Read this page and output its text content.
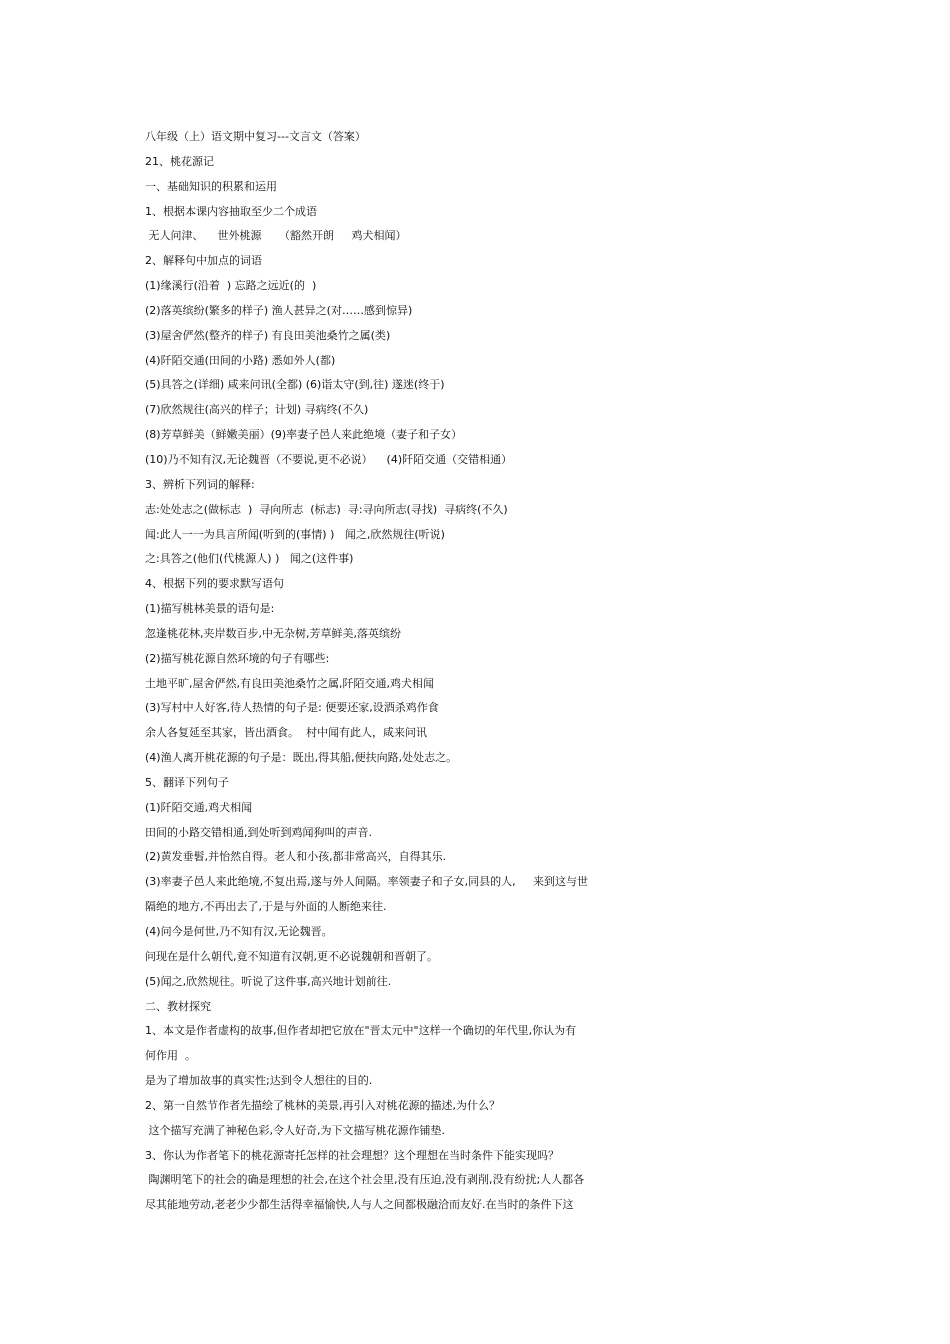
八年级（上）语文期中复习---文言文（答案）
21、桃花源记
一、基础知识的积累和运用
1、根据本课内容抽取至少二个成语
无人问津、    世外桃源     （豁然开朗     鸡犬相闻）
2、解释句中加点的词语
(1)缘溪行(沿着  ) 忘路之远近(的  )
(2)落英缤纷(繁多的样子) 渔人甚异之(对……感到惊异)
(3)屋舍俨然(整齐的样子) 有良田美池桑竹之属(类)
(4)阡陌交通(田间的小路) 悉如外人(都)
(5)具答之(详细) 咸来问讯(全都) (6)诣太守(到,往) 遂迷(终于)
(7)欣然规往(高兴的样子；计划) 寻病终(不久)
(8)芳草鲜美（鲜嫩美丽）(9)率妻子邑人来此绝境（妻子和子女）
(10)乃不知有汉,无论魏晋（不要说,更不必说）    (4)阡陌交通（交错相通）
3、辨析下列词的解释:
志:处处志之(做标志  )  寻向所志  (标志)  寻:寻向所志(寻找)  寻病终(不久)
闻:此人一一为具言所闻(听到的(事情) )   闻之,欣然规往(听说)
之:具答之(他们(代桃源人) )   闻之(这件事)
4、根据下列的要求默写语句
(1)描写桃林美景的语句是:
忽逢桃花林,夹岸数百步,中无杂树,芳草鲜美,落英缤纷
(2)描写桃花源自然环境的句子有哪些:
土地平旷,屋舍俨然,有良田美池桑竹之属,阡陌交通,鸡犬相闻
(3)写村中人好客,待人热情的句子是: 便要还家,设酒杀鸡作食
余人各复延至其家，皆出酒食。  村中闻有此人，咸来问讯
(4)渔人离开桃花源的句子是：既出,得其船,便扶向路,处处志之。
5、翻译下列句子
(1)阡陌交通,鸡犬相闻
田间的小路交错相通,到处听到鸡闻狗叫的声音.
(2)黄发垂髫,并怡然自得。老人和小孩,都非常高兴，自得其乐.
(3)率妻子邑人来此绝境,不复出焉,遂与外人间隔。率领妻子和子女,同县的人,     来到这与世
隔绝的地方,不再出去了,于是与外面的人断绝来往.
(4)问今是何世,乃不知有汉,无论魏晋。
问现在是什么朝代,竟不知道有汉朝,更不必说魏朝和晋朝了。
(5)闻之,欣然规往。听说了这件事,高兴地计划前往.
二、教材探究
1、本文是作者虚构的故事,但作者却把它放在"晋太元中"这样一个确切的年代里,你认为有
何作用  。
是为了增加故事的真实性;达到令人想往的目的.
2、第一自然节作者先描绘了桃林的美景,再引入对桃花源的描述,为什么？
这个描写充满了神秘色彩,令人好奇,为下文描写桃花源作铺垫.
3、你认为作者笔下的桃花源寄托怎样的社会理想？这个理想在当时条件下能实现吗？
陶渊明笔下的社会的确是理想的社会,在这个社会里,没有压迫,没有剥削,没有纷扰;人人都各
尽其能地劳动,老老少少都生活得幸福愉快,人与人之间都极融洽而友好.在当时的条件下这
